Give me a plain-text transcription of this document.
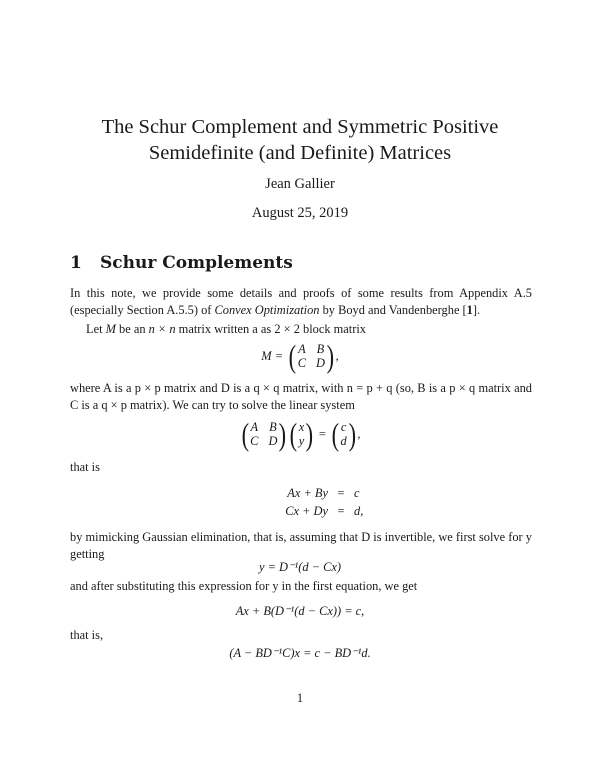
The Schur Complement and Symmetric Positive
Semidefinite (and Definite) Matrices
Jean Gallier
August 25, 2019
1 Schur Complements
In this note, we provide some details and proofs of some results from Appendix A.5 (especially Section A.5.5) of Convex Optimization by Boyd and Vandenberghe [1].
Let M be an n × n matrix written a as 2 × 2 block matrix
M = ( A B
C D ) ,
where A is a p × p matrix and D is a q × q matrix, with n = p + q (so, B is a p × q matrix and C is a q × p matrix). We can try to solve the linear system
( A B
C D ) ( x
y ) = ( c
d ) ,
that is
Ax + By = c
Cx + Dy = d,
by mimicking Gaussian elimination, that is, assuming that D is invertible, we first solve for y getting
y = D⁻¹(d − Cx)
and after substituting this expression for y in the first equation, we get
Ax + B(D⁻¹(d − Cx)) = c,
that is,
(A − BD⁻¹C)x = c − BD⁻¹d.
1
